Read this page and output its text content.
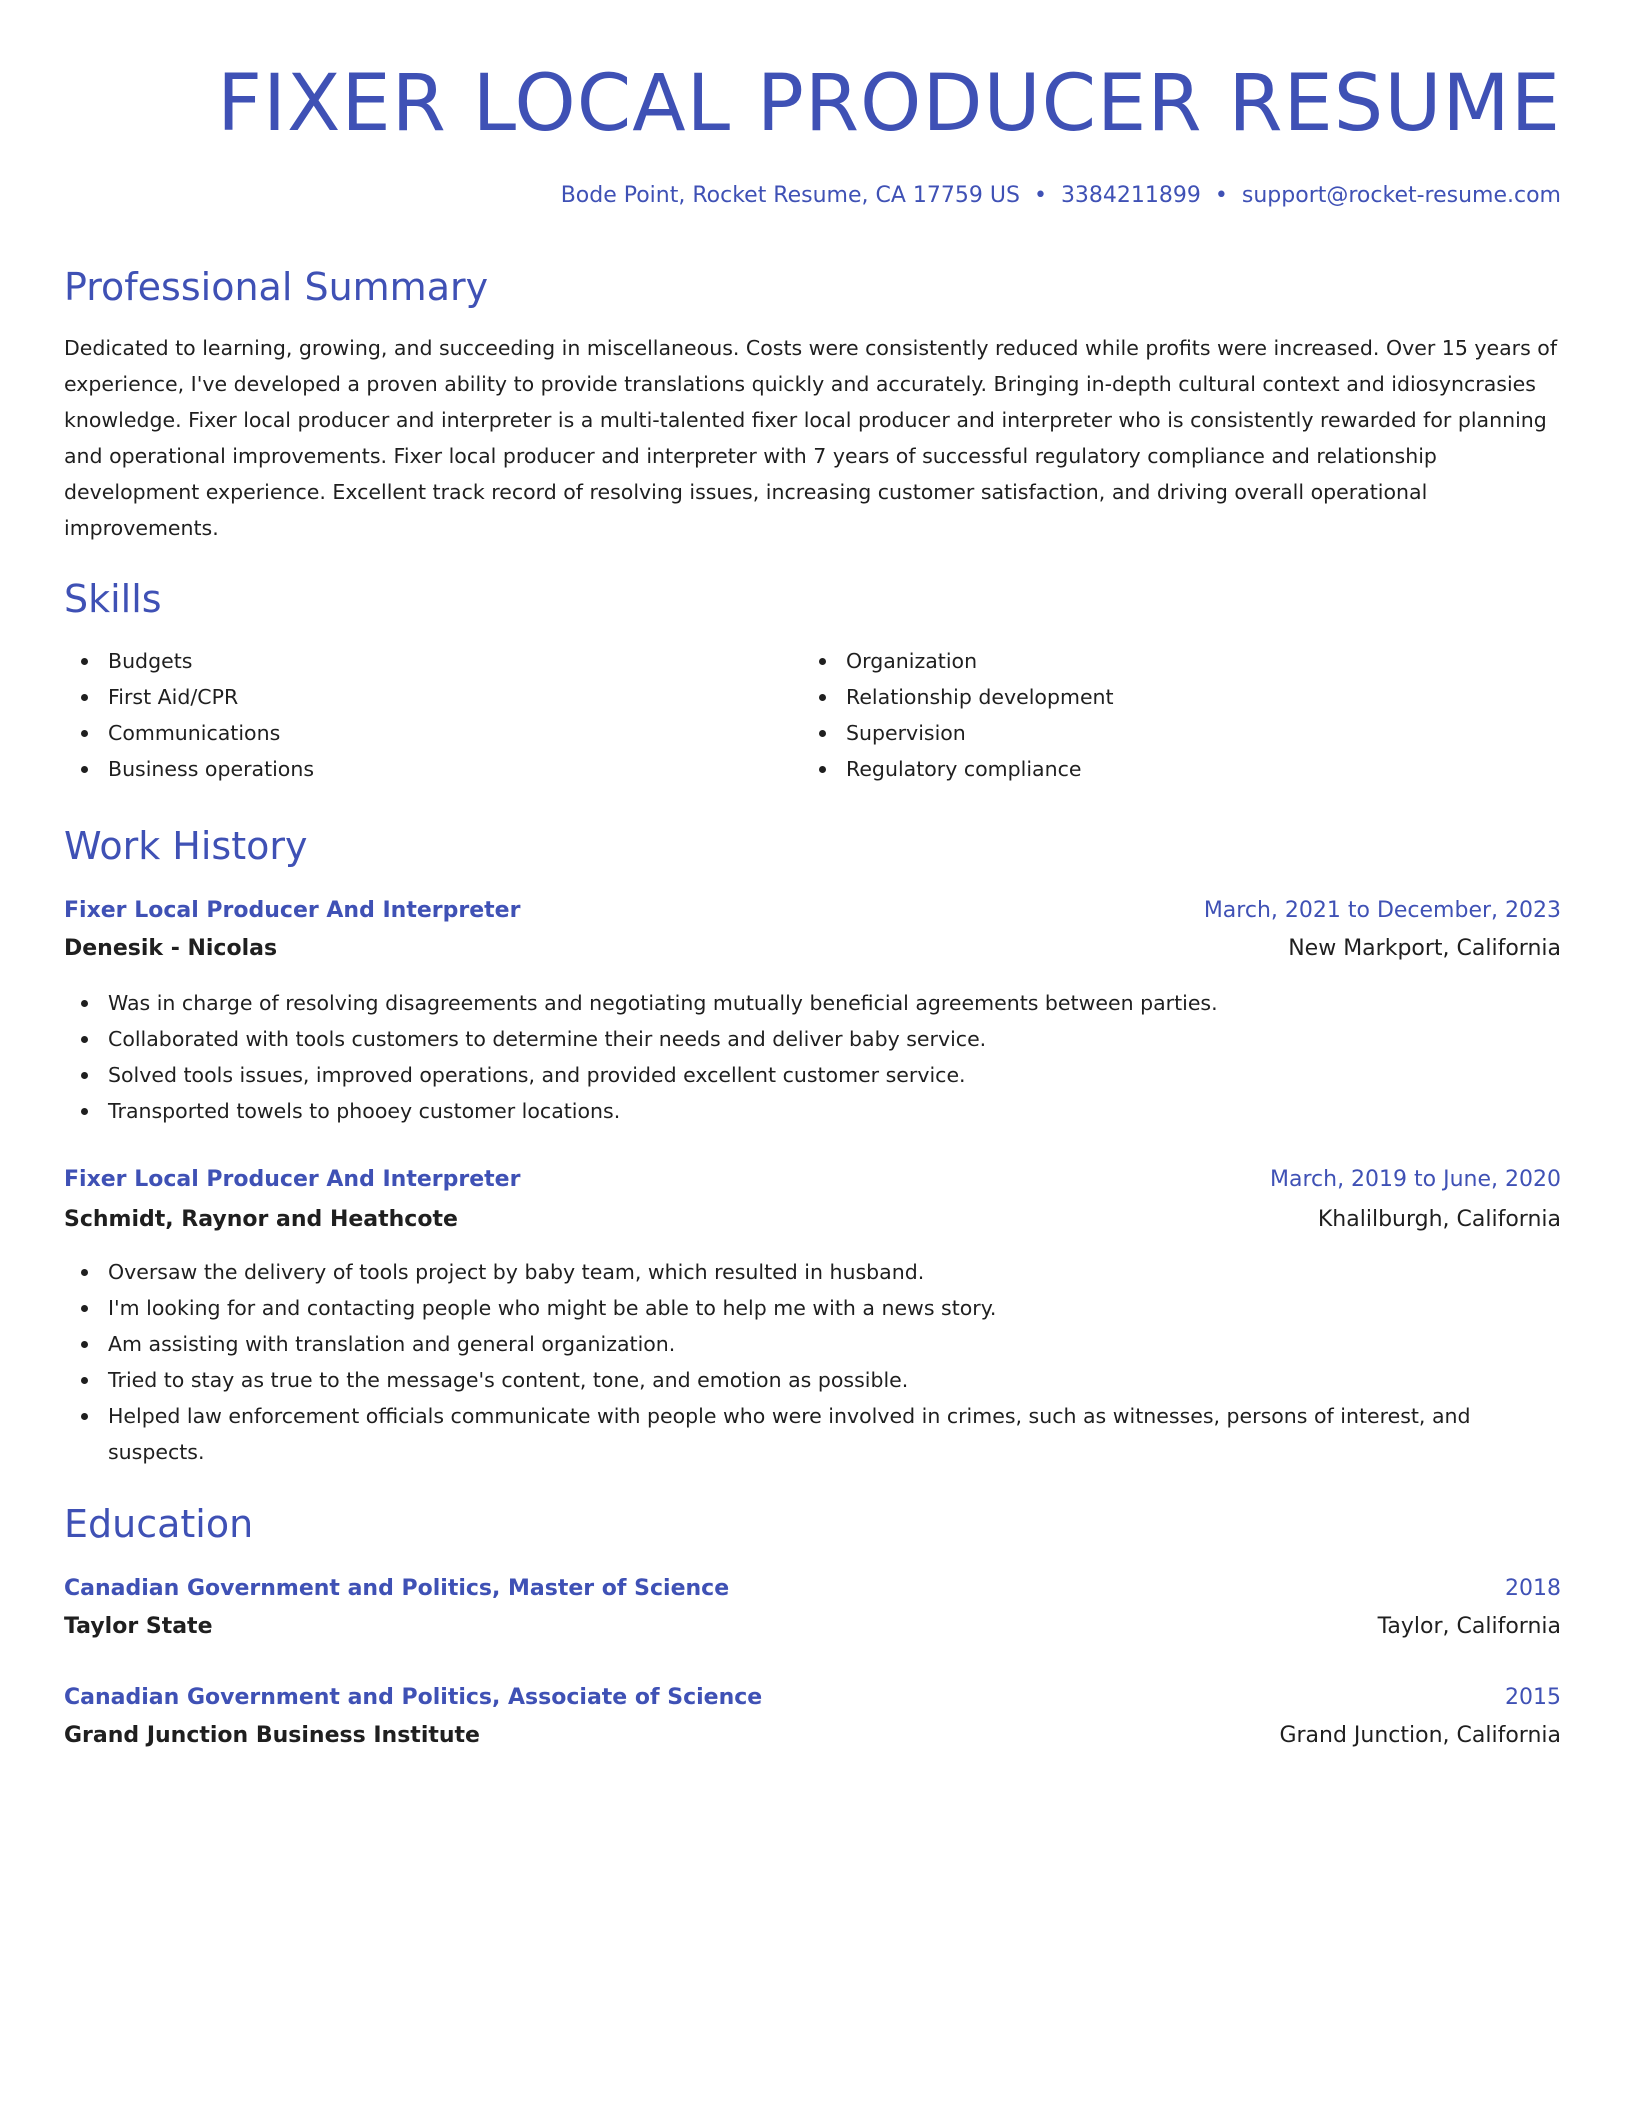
FIXER LOCAL PRODUCER RESUME
Bode Point, Rocket Resume, CA 17759 US • 3384211899 • support@rocket-resume.com
Professional Summary

Dedicated to learning, growing, and succeeding in miscellaneous. Costs were consistently reduced while profits were increased. Over 15 years of experience, I've developed a proven ability to provide translations quickly and accurately. Bringing in-depth cultural context and idiosyncrasies knowledge. Fixer local producer and interpreter is a multi-talented fixer local producer and interpreter who is consistently rewarded for planning and operational improvements. Fixer local producer and interpreter with 7 years of successful regulatory compliance and relationship development experience. Excellent track record of resolving issues, increasing customer satisfaction, and driving overall operational improvements.

Skills
Budgets
First Aid/CPR
Communications
Business operations
Organization
Relationship development
Supervision
Regulatory compliance
Work History
Fixer Local Producer And Interpreter	March, 2021 to December, 2023
Denesik - Nicolas	New Markport, California
Was in charge of resolving disagreements and negotiating mutually beneficial agreements between parties.
Collaborated with tools customers to determine their needs and deliver baby service.
Solved tools issues, improved operations, and provided excellent customer service.
Transported towels to phooey customer locations.
Fixer Local Producer And Interpreter	March, 2019 to June, 2020
Schmidt, Raynor and Heathcote	Khalilburgh, California
Oversaw the delivery of tools project by baby team, which resulted in husband.
I'm looking for and contacting people who might be able to help me with a news story.
Am assisting with translation and general organization.
Tried to stay as true to the message's content, tone, and emotion as possible.
Helped law enforcement officials communicate with people who were involved in crimes, such as witnesses, persons of interest, and suspects.
Education
Canadian Government and Politics, Master of Science	2018
Taylor State	Taylor, California
Canadian Government and Politics, Associate of Science	2015
Grand Junction Business Institute	Grand Junction, California
